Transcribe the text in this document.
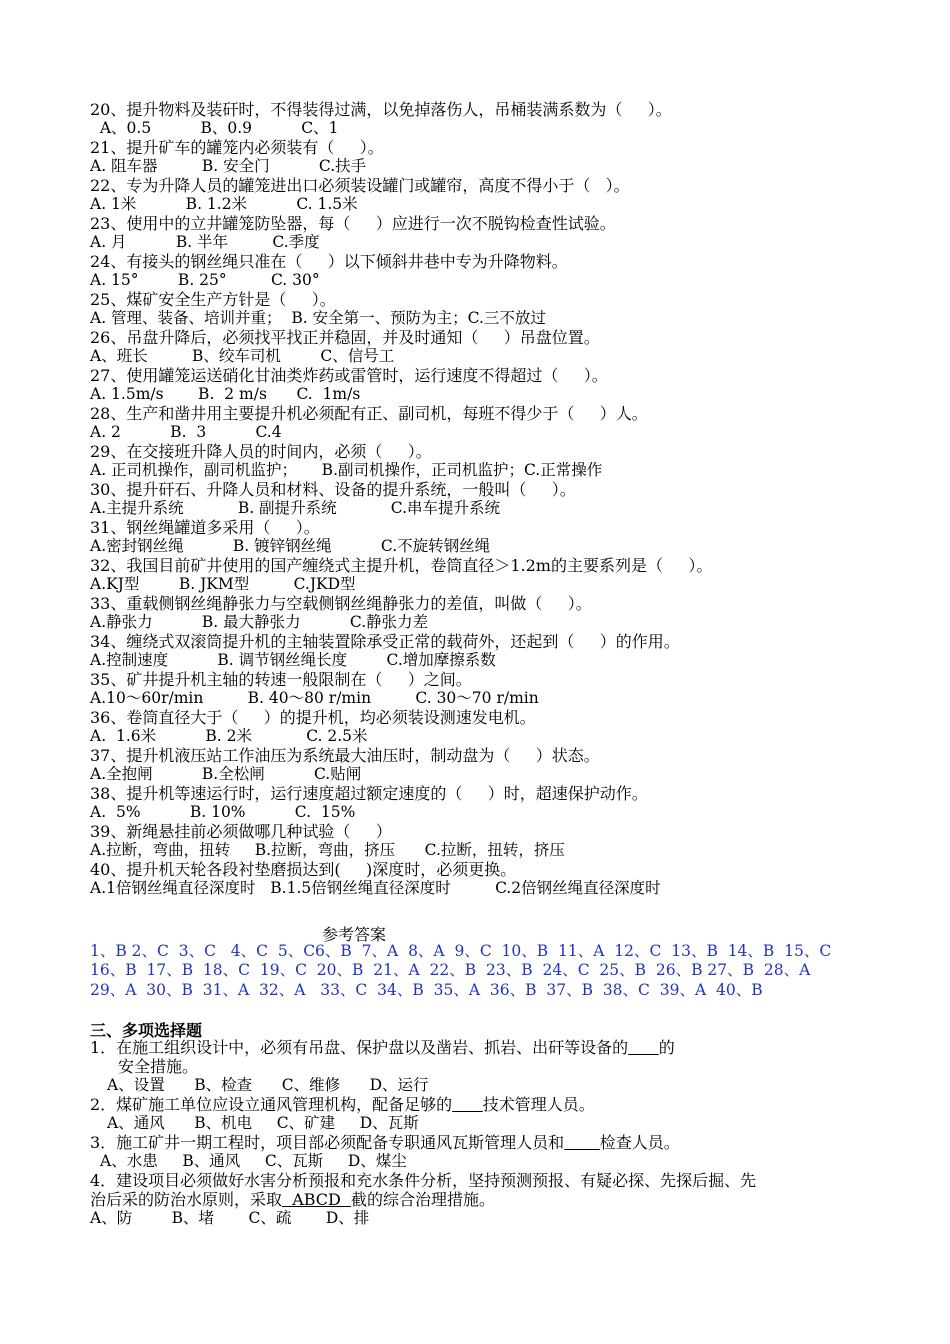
20、提升物料及装矸时，不得装得过满，以免掉落伤人，吊桶装满系数为（     ）。
A、0.5          B、0.9          C、1
21、提升矿车的罐笼内必须装有（     ）。
A. 阻车器         B. 安全门          C.扶手
22、专为升降人员的罐笼进出口必须装设罐门或罐帘，高度不得小于（   ）。
A. 1米          B. 1.2米          C. 1.5米
23、使用中的立井罐笼防坠器，每（     ）应进行一次不脱钩检查性试验。
A. 月          B. 半年         C.季度
24、有接头的钢丝绳只准在（     ）以下倾斜井巷中专为升降物料。
A. 15°        B. 25°         C. 30°
25、煤矿安全生产方针是（     ）。
A. 管理、装备、培训并重；  B. 安全第一、预防为主；C.三不放过
26、吊盘升降后，必须找平找正并稳固，并及时通知（     ）吊盘位置。
A、班长         B、绞车司机        C、信号工
27、使用罐笼运送硝化甘油类炸药或雷管时，运行速度不得超过（     ）。
A. 1.5m/s       B.  2 m/s      C.  1m/s
28、生产和凿井用主要提升机必须配有正、副司机，每班不得少于（     ）人。
A. 2          B.  3          C.4
29、在交接班升降人员的时间内，必须（     ）。
A. 正司机操作，副司机监护；     B.副司机操作，正司机监护；C.正常操作
30、提升矸石、升降人员和材料、设备的提升系统，一般叫（     ）。
A.主提升系统           B. 副提升系统           C.串车提升系统
31、钢丝绳罐道多采用（     ）。
A.密封钢丝绳          B. 镀锌钢丝绳          C.不旋转钢丝绳
32、我国目前矿井使用的国产缠绕式主提升机，卷筒直径＞1.2m的主要系列是（     ）。
A.KJ型        B. JKM型         C.JKD型
33、重载侧钢丝绳静张力与空载侧钢丝绳静张力的差值，叫做（     ）。
A.静张力          B. 最大静张力          C.静张力差
34、缠绕式双滚筒提升机的主轴装置除承受正常的载荷外，还起到（     ）的作用。
A.控制速度          B. 调节钢丝绳长度        C.增加摩擦系数
35、矿井提升机主轴的转速一般限制在（     ）之间。
A.10～60r/min         B. 40～80 r/min         C. 30～70 r/min
36、卷筒直径大于（     ）的提升机，均必须装设测速发电机。
A.  1.6米          B. 2米           C. 2.5米
37、提升机液压站工作油压为系统最大油压时，制动盘为（     ）状态。
A.全抱闸          B.全松闸          C.贴闸
38、提升机等速运行时，运行速度超过额定速度的（     ）时，超速保护动作。
A.  5%          B. 10%          C.  15%
39、新绳悬挂前必须做哪几种试验（     ）
A.拉断，弯曲，扭转     B.拉断，弯曲，挤压      C.拉断，扭转，挤压
40、提升机天轮各段衬垫磨损达到(     )深度时，必须更换。
A.1倍钢丝绳直径深度时   B.1.5倍钢丝绳直径深度时         C.2倍钢丝绳直径深度时
参考答案
1、B 2、C  3、C   4、C  5、C6、B  7、A  8、A  9、C  10、B  11、A  12、C  13、B  14、B  15、C
16、B  17、B  18、C  19、C  20、B  21、A  22、B  23、B  24、C  25、B  26、B 27、B  28、A
29、A  30、B  31、A  32、A   33、C  34、B  35、A  36、B  37、B  38、C  39、A  40、B
三、多项选择题
1．在施工组织设计中，必须有吊盘、保护盘以及凿岩、抓岩、出矸等设备的 的
安全措施。
A、设置      B、检查      C、维修      D、运行
2．煤矿施工单位应设立通风管理机构，配备足够的 技术管理人员。
A、通风      B、机电     C、矿建     D、瓦斯
3．施工矿井一期工程时，项目部必须配备专职通风瓦斯管理人员和 检查人员。
A、水患     B、通风     C、瓦斯     D、煤尘
4．建设项目必须做好水害分析预报和充水条件分析，坚持预测预报、有疑必探、先探后掘、先
治后采的防治水原则，采取 ABCD  截的综合治理措施。
A、防        B、堵       C、疏       D、排
